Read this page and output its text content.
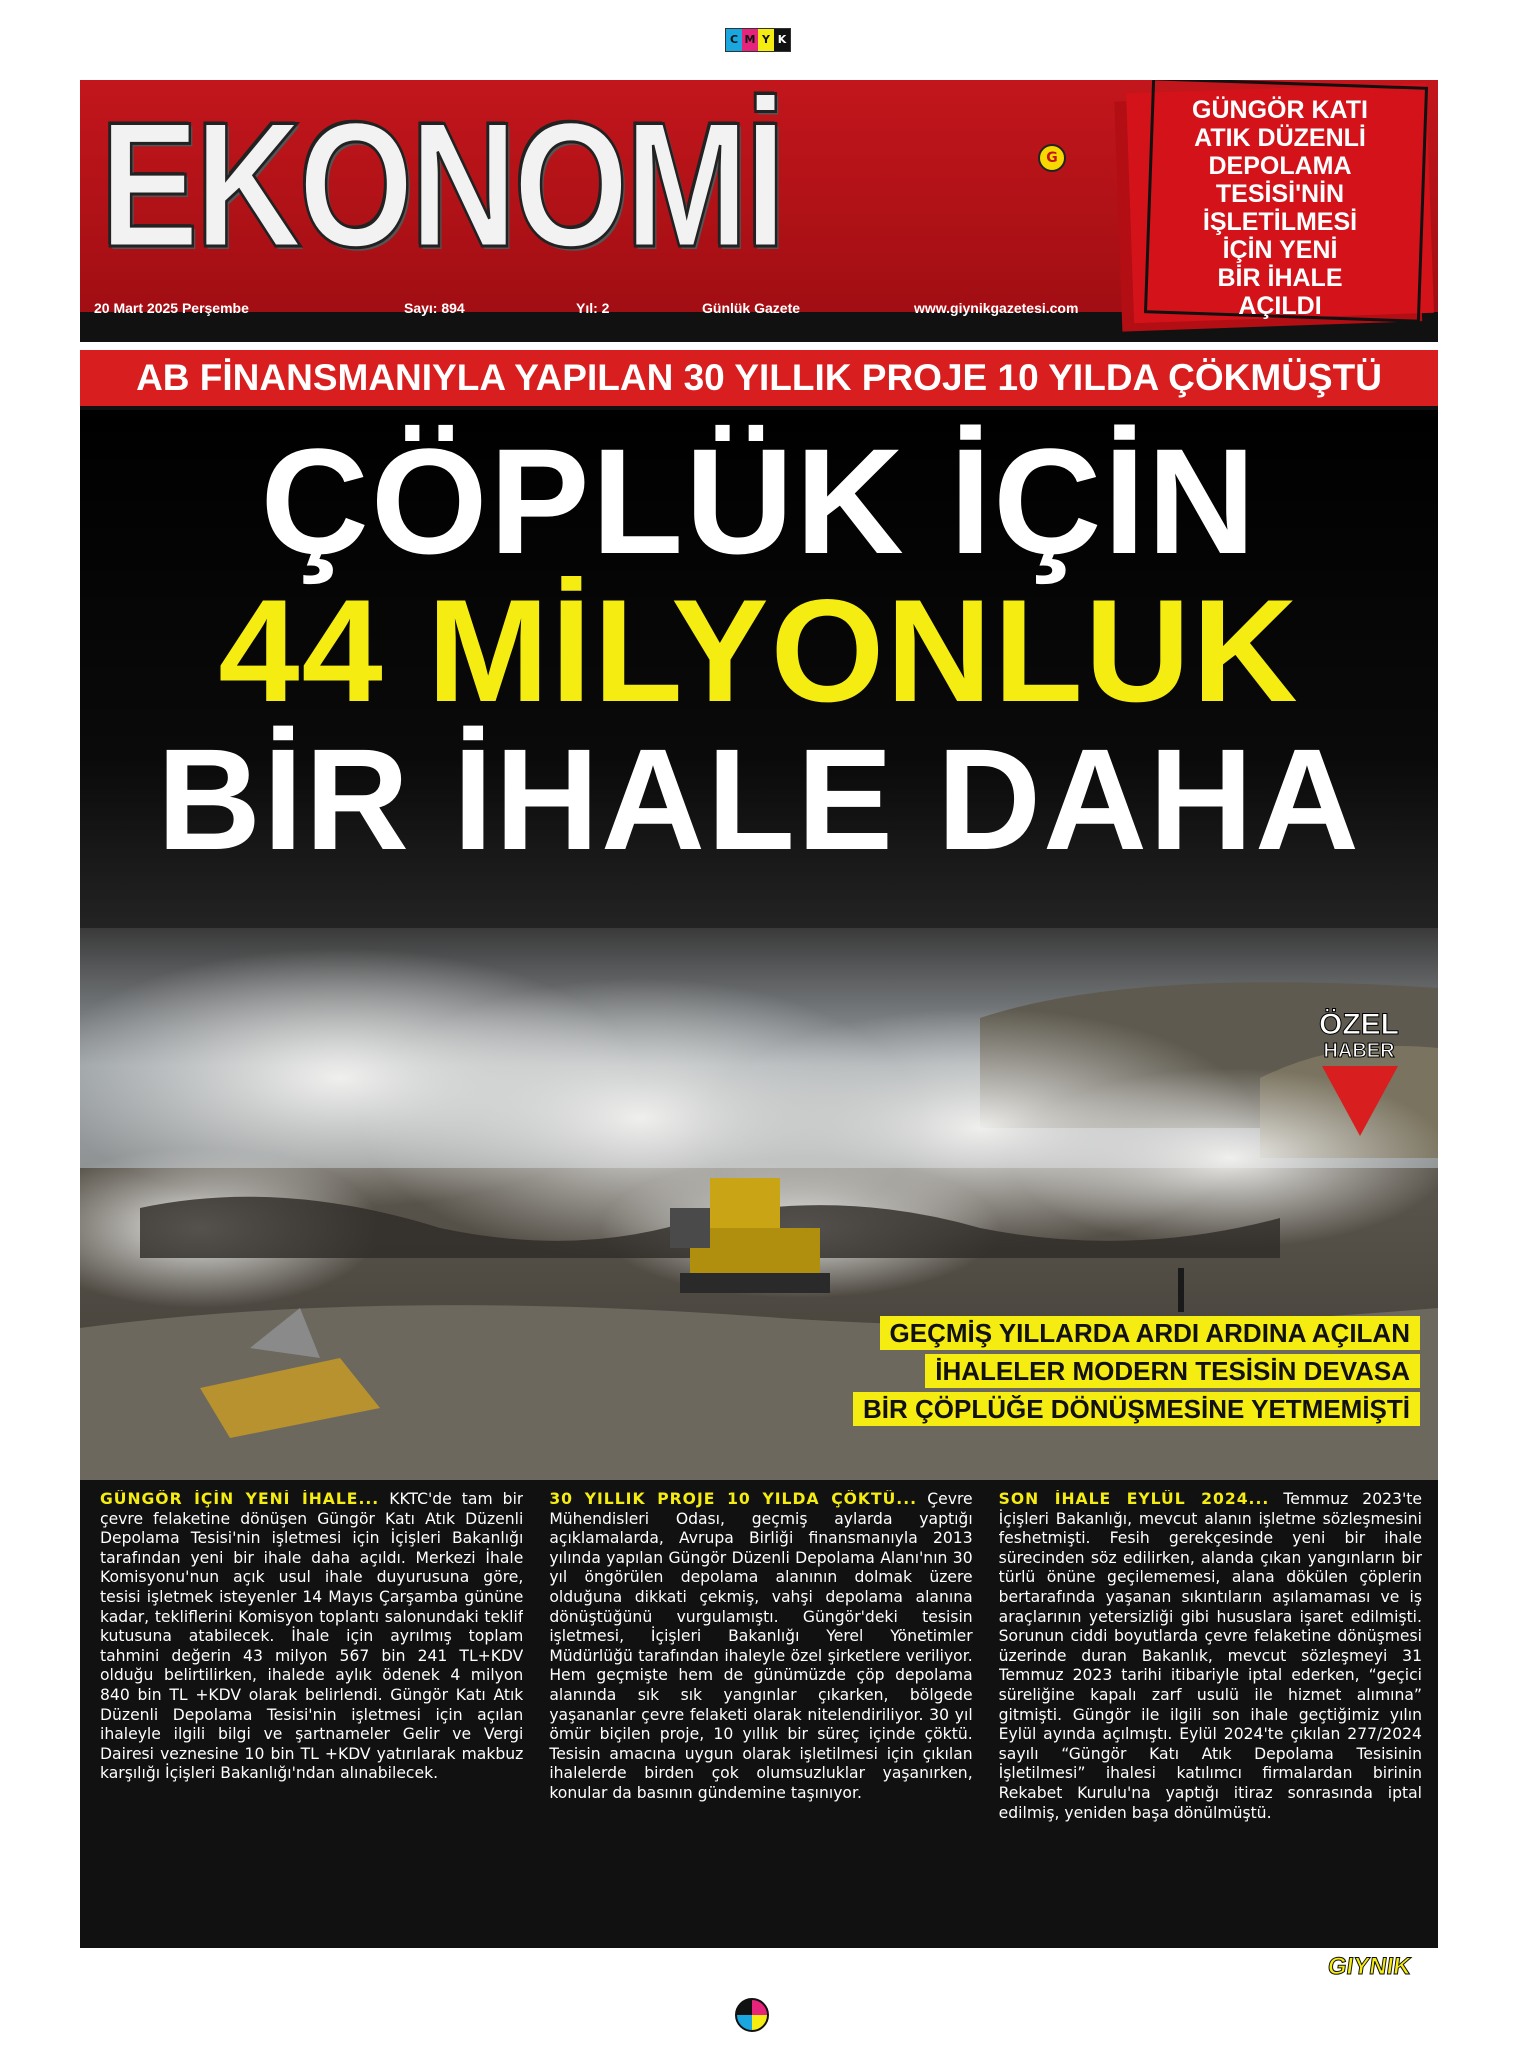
C M Y K
EKONOMİ	G
20 Mart 2025 Perşembe	Sayı: 894	Yıl: 2	Günlük Gazete	www.giynikgazetesi.com
GÜNGÖR KATI
ATIK DÜZENLİ
DEPOLAMA
TESİSİ'NİN
İŞLETİLMESİ
İÇİN YENİ
BİR İHALE
AÇILDI
AB FİNANSMANIYLA YAPILAN 30 YILLIK PROJE 10 YILDA ÇÖKMÜŞTÜ
ÇÖPLÜK İÇİN
44 MİLYONLUK
BİR İHALE DAHA
ÖZEL
HABER
GEÇMİŞ YILLARDA ARDI ARDINA AÇILAN
İHALELER MODERN TESİSİN DEVASA
BİR ÇÖPLÜĞE DÖNÜŞMESİNE YETMEMİŞTİ
GÜNGÖR İÇİN YENİ İHALE... KKTC'de tam bir çevre felaketine dönüşen Güngör Katı Atık Düzenli Depolama Tesisi'nin işletmesi için İçişleri Bakanlığı tarafından yeni bir ihale daha açıldı. Merkezi İhale Komisyonu'nun açık usul ihale duyurusuna göre, tesisi işletmek isteyenler 14 Mayıs Çarşamba gününe kadar, tekliflerini Komisyon toplantı salonundaki teklif kutusuna atabilecek. İhale için ayrılmış toplam tahmini değerin 43 milyon 567 bin 241 TL+KDV olduğu belirtilirken, ihalede aylık ödenek 4 milyon 840 bin TL +KDV olarak belirlendi. Güngör Katı Atık Düzenli Depolama Tesisi'nin işletmesi için açılan ihaleyle ilgili bilgi ve şartnameler Gelir ve Vergi Dairesi veznesine 10 bin TL +KDV yatırılarak makbuz karşılığı İçişleri Bakanlığı'ndan alınabilecek.
30 YILLIK PROJE 10 YILDA ÇÖKTÜ... Çevre Mühendisleri Odası, geçmiş aylarda yaptığı açıklamalarda, Avrupa Birliği finansmanıyla 2013 yılında yapılan Güngör Düzenli Depolama Alanı'nın 30 yıl öngörülen depolama alanının dolmak üzere olduğuna dikkati çekmiş, vahşi depolama alanına dönüştüğünü vurgulamıştı. Güngör'deki tesisin işletmesi, İçişleri Bakanlığı Yerel Yönetimler Müdürlüğü tarafından ihaleyle özel şirketlere veriliyor. Hem geçmişte hem de günümüzde çöp depolama alanında sık sık yangınlar çıkarken, bölgede yaşananlar çevre felaketi olarak nitelendiriliyor. 30 yıl ömür biçilen proje, 10 yıllık bir süreç içinde çöktü. Tesisin amacına uygun olarak işletilmesi için çıkılan ihalelerde birden çok olumsuzluklar yaşanırken, konular da basının gündemine taşınıyor.
SON İHALE EYLÜL 2024... Temmuz 2023'te İçişleri Bakanlığı, mevcut alanın işletme sözleşmesini feshetmişti. Fesih gerekçesinde yeni bir ihale sürecinden söz edilirken, alanda çıkan yangınların bir türlü önüne geçilememesi, alana dökülen çöplerin bertarafında yaşanan sıkıntıların aşılamaması ve iş araçlarının yetersizliği gibi hususlara işaret edilmişti. Sorunun ciddi boyutlarda çevre felaketine dönüşmesi üzerinde duran Bakanlık, mevcut sözleşmeyi 31 Temmuz 2023 tarihi itibariyle iptal ederken, “geçici süreliğine kapalı zarf usulü ile hizmet alımına” gitmişti. Güngör ile ilgili son ihale geçtiğimiz yılın Eylül ayında açılmıştı. Eylül 2024'te çıkılan 277/2024 sayılı “Güngör Katı Atık Depolama Tesisinin İşletilmesi” ihalesi katılımcı firmalardan birinin Rekabet Kurulu'na yaptığı itiraz sonrasında iptal edilmiş, yeniden başa dönülmüştü.
GIYNIK
